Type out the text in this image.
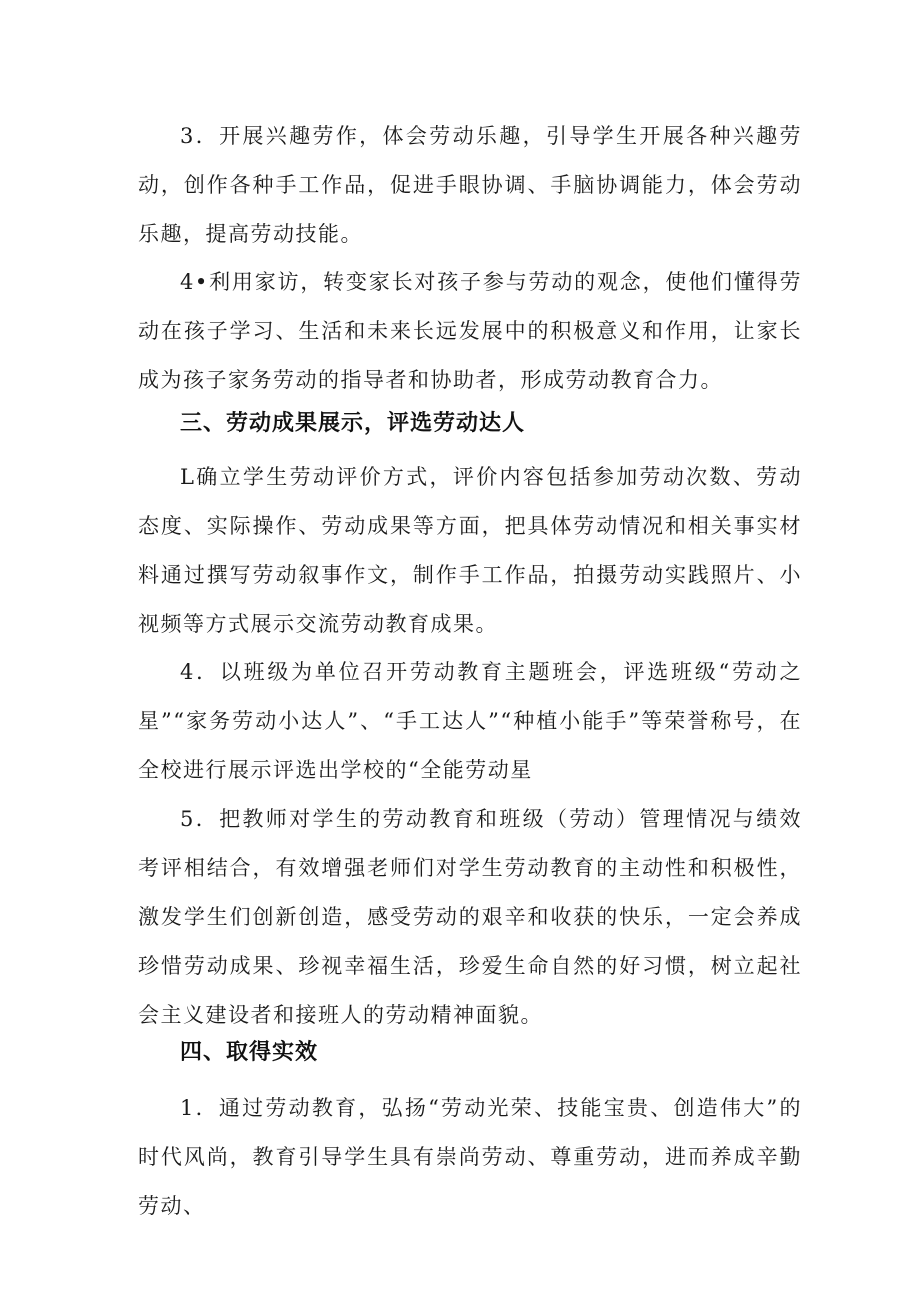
3．开展兴趣劳作，体会劳动乐趣，引导学生开展各种兴趣劳动，创作各种手工作品，促进手眼协调、手脑协调能力，体会劳动乐趣，提高劳动技能。

4•利用家访，转变家长对孩子参与劳动的观念，使他们懂得劳动在孩子学习、生活和未来长远发展中的积极意义和作用，让家长成为孩子家务劳动的指导者和协助者，形成劳动教育合力。

三、劳动成果展示，评选劳动达人

L确立学生劳动评价方式，评价内容包括参加劳动次数、劳动态度、实际操作、劳动成果等方面，把具体劳动情况和相关事实材料通过撰写劳动叙事作文，制作手工作品，拍摄劳动实践照片、小视频等方式展示交流劳动教育成果。

4．以班级为单位召开劳动教育主题班会，评选班级“劳动之星”“家务劳动小达人”、“手工达人”“种植小能手”等荣誉称号，在全校进行展示评选出学校的“全能劳动星

5．把教师对学生的劳动教育和班级（劳动）管理情况与绩效考评相结合，有效增强老师们对学生劳动教育的主动性和积极性，激发学生们创新创造，感受劳动的艰辛和收获的快乐，一定会养成珍惜劳动成果、珍视幸福生活，珍爱生命自然的好习惯，树立起社会主义建设者和接班人的劳动精神面貌。

四、取得实效

1．通过劳动教育，弘扬“劳动光荣、技能宝贵、创造伟大”的时代风尚，教育引导学生具有崇尚劳动、尊重劳动，进而养成辛勤劳动、
